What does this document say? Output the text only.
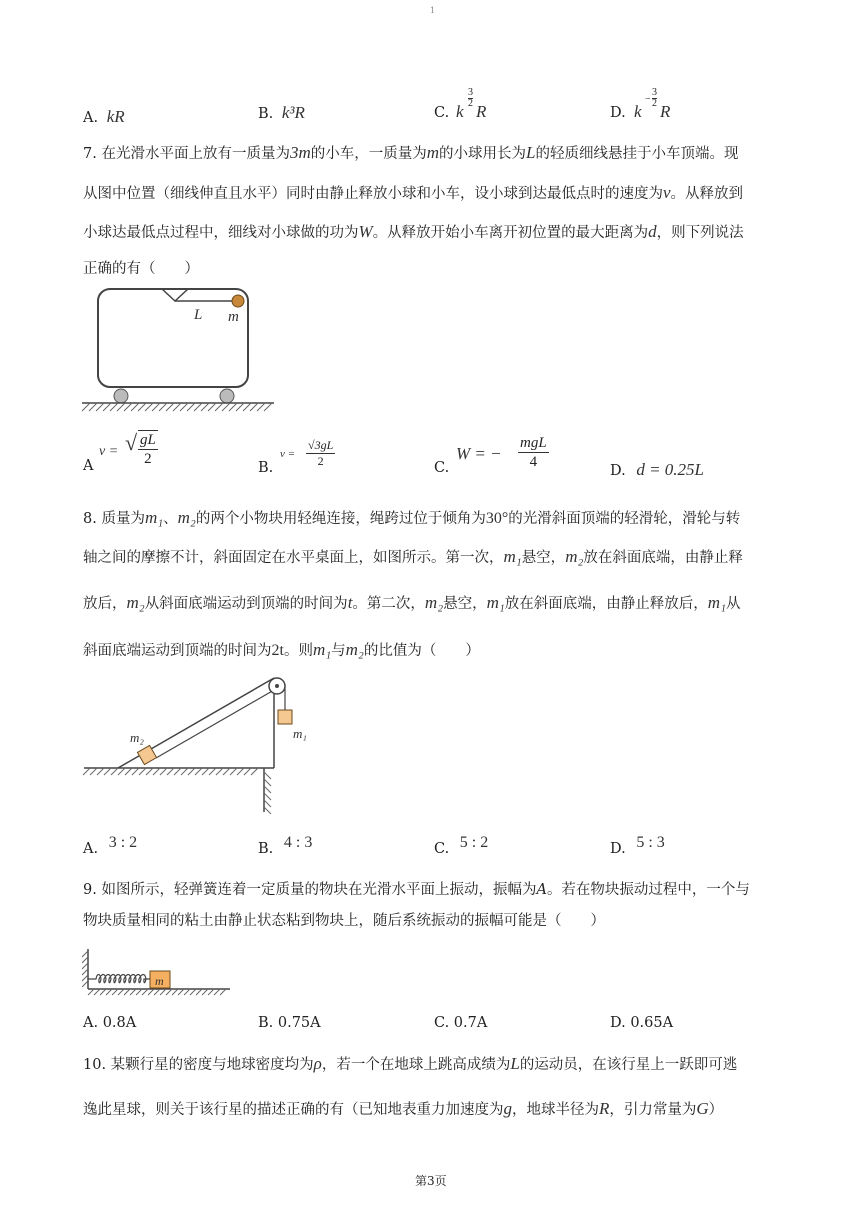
1
A. kR	B. k³R	C. k
3
2 R	D. k
−
3
2 R
7. 在光滑水平面上放有一质量为3m的小车，一质量为m的小球用长为L的轻质细线悬挂于小车顶端。现
从图中位置（细线伸直且水平）同时由静止释放小球和小车，设小球到达最低点时的速度为v。从释放到
小球达最低点过程中，细线对小球做的功为W。从释放开始小车离开初位置的最大距离为d，则下列说法
正确的有（　　）
L m
A
v = √ gL
2
B.
v =
√3gL
2	C.
W = −
mgL
4
D. d = 0.25L
8. 质量为m₁、m₂的两个小物块用轻绳连接，绳跨过位于倾角为30°的光滑斜面顶端的轻滑轮，滑轮与转
轴之间的摩擦不计，斜面固定在水平桌面上，如图所示。第一次，m₁悬空，m₂放在斜面底端，由静止释
放后，m₂从斜面底端运动到顶端的时间为t。第二次，m₂悬空，m₁放在斜面底端，由静止释放后，m₁从
斜面底端运动到顶端的时间为2t。则m₁与m₂的比值为（　　）
m₂	m₁
A. 3 : 2	B. 4 : 3	C. 5 : 2	D. 5 : 3
9. 如图所示，轻弹簧连着一定质量的物块在光滑水平面上振动，振幅为A。若在物块振动过程中，一个与
物块质量相同的粘土由静止状态粘到物块上，随后系统振动的振幅可能是（　　）
m
A. 0.8A	B. 0.75A	C. 0.7A	D. 0.65A
10. 某颗行星的密度与地球密度均为ρ，若一个在地球上跳高成绩为L的运动员，在该行星上一跃即可逃
逸此星球，则关于该行星的描述正确的有（已知地表重力加速度为g，地球半径为R，引力常量为G）
第3页
